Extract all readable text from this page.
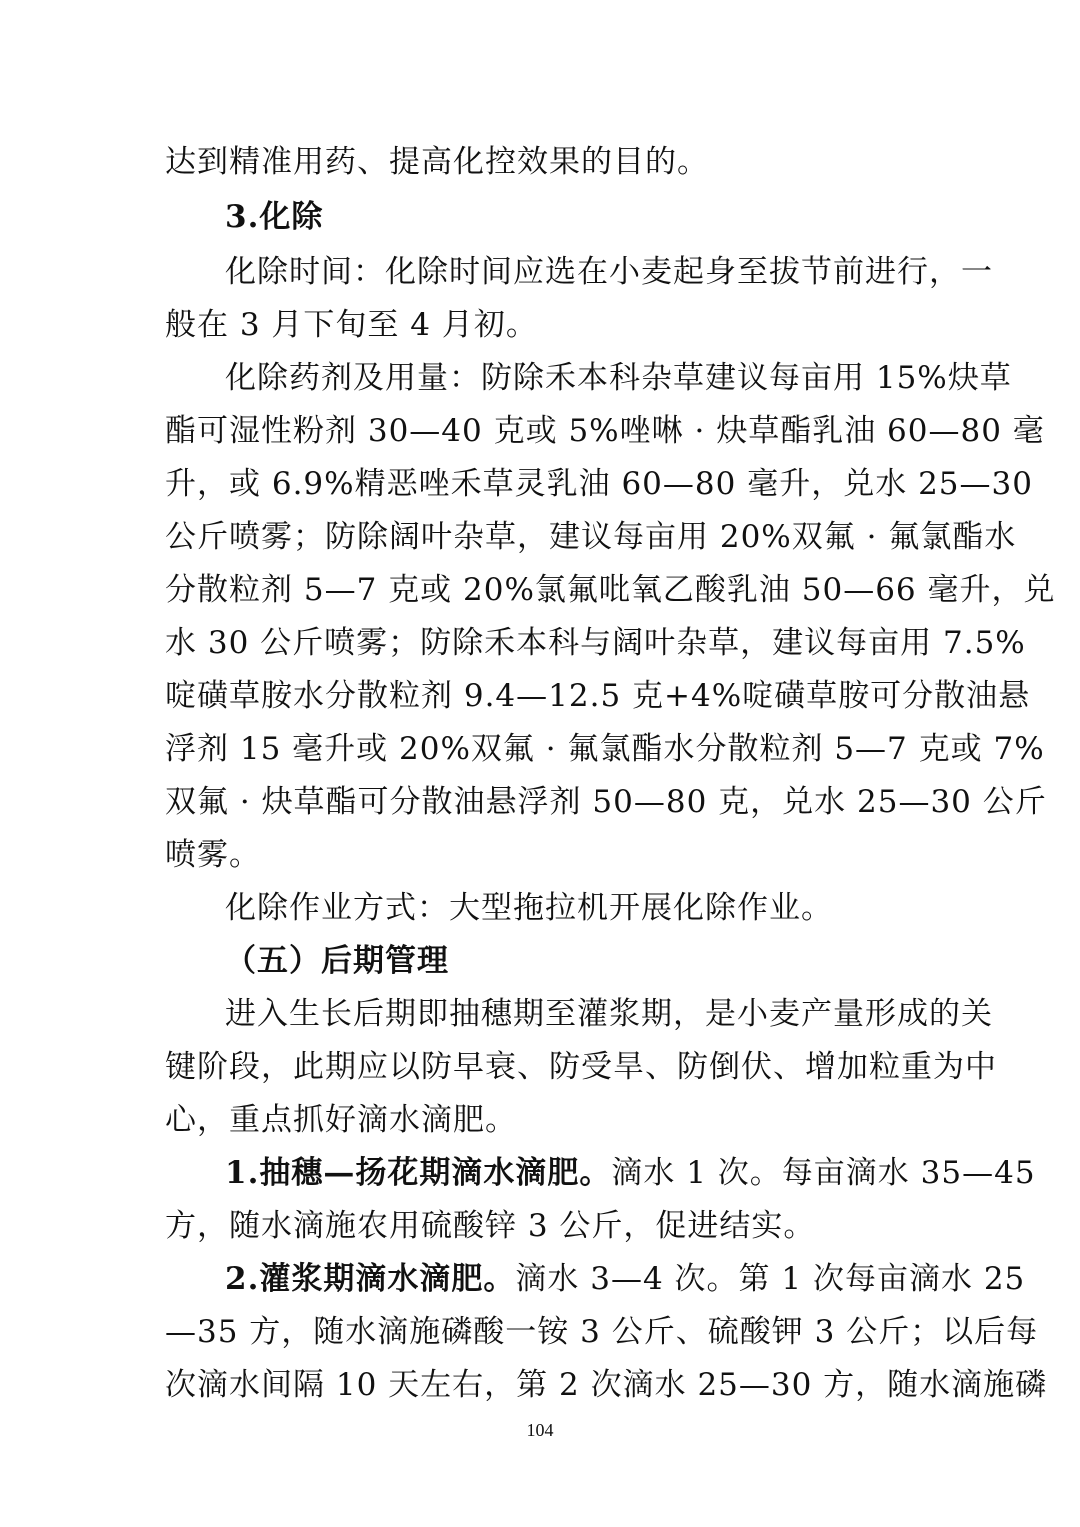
达到精准用药、提高化控效果的目的。
3.化除
化除时间：化除时间应选在小麦起身至拔节前进行，一
般在 3 月下旬至 4 月初。
化除药剂及用量：防除禾本科杂草建议每亩用 15%炔草
酯可湿性粉剂 30—40 克或 5%唑啉 · 炔草酯乳油 60—80 毫
升，或 6.9%精恶唑禾草灵乳油 60—80 毫升，兑水 25—30
公斤喷雾；防除阔叶杂草，建议每亩用 20%双氟 · 氟氯酯水
分散粒剂 5—7 克或 20%氯氟吡氧乙酸乳油 50—66 毫升，兑
水 30 公斤喷雾；防除禾本科与阔叶杂草，建议每亩用 7.5%
啶磺草胺水分散粒剂 9.4—12.5 克+4%啶磺草胺可分散油悬
浮剂 15 毫升或 20%双氟 · 氟氯酯水分散粒剂 5—7 克或 7%
双氟 · 炔草酯可分散油悬浮剂 50—80 克，兑水 25—30 公斤
喷雾。
化除作业方式：大型拖拉机开展化除作业。
（五）后期管理
进入生长后期即抽穗期至灌浆期，是小麦产量形成的关
键阶段，此期应以防早衰、防受旱、防倒伏、增加粒重为中
心，重点抓好滴水滴肥。
1.抽穗—扬花期滴水滴肥。 滴水 1 次。每亩滴水 35—45
方，随水滴施农用硫酸锌 3 公斤，促进结实。
2.灌浆期滴水滴肥。 滴水 3—4 次。第 1 次每亩滴水 25
—35 方，随水滴施磷酸一铵 3 公斤、硫酸钾 3 公斤；以后每
次滴水间隔 10 天左右，第 2 次滴水 25—30 方，随水滴施磷
104
